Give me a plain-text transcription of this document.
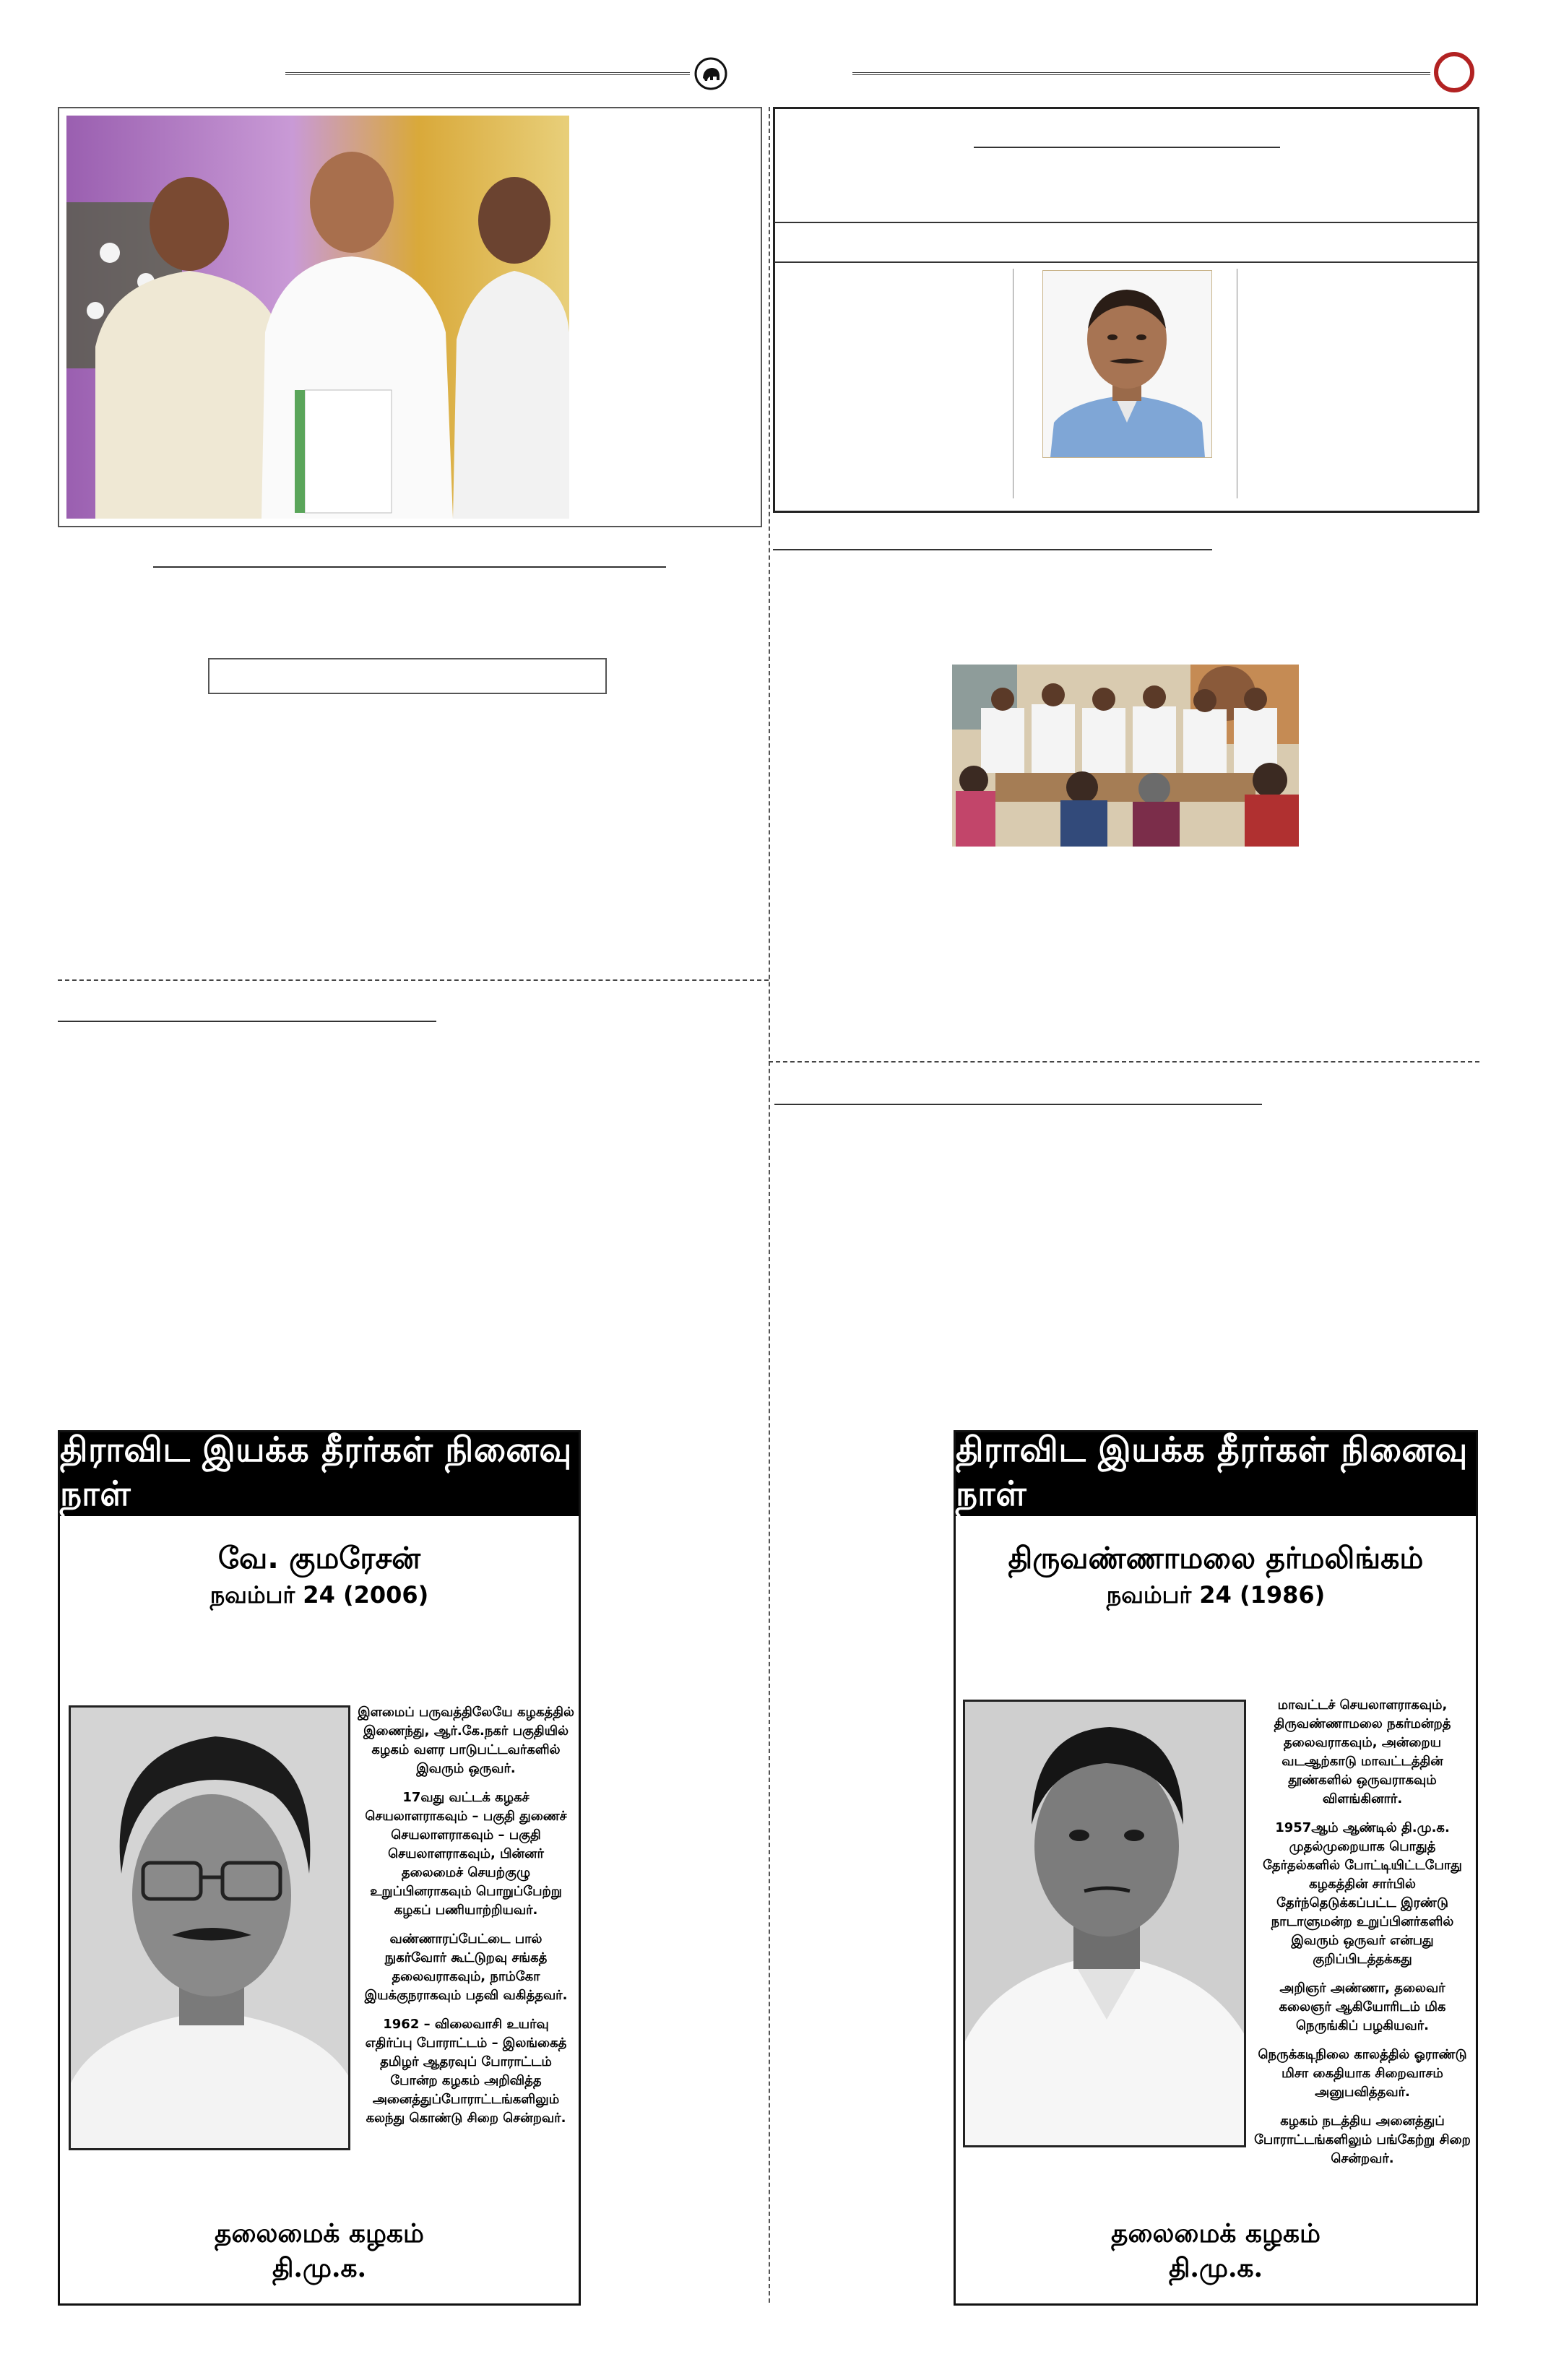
திராவிட இயக்க தீரர்கள் நினைவு நாள்
வே. குமரேசன்
நவம்பர் 24 (2006)

இளமைப் பருவத்திலேயே கழகத்தில் இணைந்து, ஆர்.கே.நகர் பகுதியில் கழகம் வளர பாடுபட்டவர்களில் இவரும் ஒருவர்.

17வது வட்டக் கழகச் செயலாளராகவும் – பகுதி துணைச் செயலாளராகவும் – பகுதி செயலாளராகவும், பின்னர் தலைமைச் செயற்குழு உறுப்பினராகவும் பொறுப்பேற்று கழகப் பணியாற்றியவர்.

வண்ணாரப்பேட்டை பால் நுகர்வோர் கூட்டுறவு சங்கத் தலைவராகவும், நாம்கோ இயக்குநராகவும் பதவி வகித்தவர்.

1962 – விலைவாசி உயர்வு எதிர்ப்பு போராட்டம் – இலங்கைத் தமிழர் ஆதரவுப் போராட்டம் போன்ற கழகம் அறிவித்த அனைத்துப்போராட்டங்களிலும் கலந்து கொண்டு சிறை சென்றவர்.

தலைமைக் கழகம்
தி.மு.க.
திராவிட இயக்க தீரர்கள் நினைவு நாள்
திருவண்ணாமலை தர்மலிங்கம்
நவம்பர் 24 (1986)

மாவட்டச் செயலாளராகவும், திருவண்ணாமலை நகர்மன்றத் தலைவராகவும், அன்றைய வடஆற்காடு மாவட்டத்தின் தூண்களில் ஒருவராகவும் விளங்கினார்.

1957ஆம் ஆண்டில் தி.மு.க. முதல்முறையாக பொதுத் தேர்தல்களில் போட்டியிட்டபோது கழகத்தின் சார்பில் தேர்ந்தெடுக்கப்பட்ட இரண்டு நாடாளுமன்ற உறுப்பினர்களில் இவரும் ஒருவர் என்பது குறிப்பிடத்தக்கது

அறிஞர் அண்ணா, தலைவர் கலைஞர் ஆகியோரிடம் மிக நெருங்கிப் பழகியவர்.

நெருக்கடிநிலை காலத்தில் ஓராண்டு மிசா கைதியாக சிறைவாசம் அனுபவித்தவர்.

கழகம் நடத்திய அனைத்துப் போராட்டங்களிலும் பங்கேற்று சிறை சென்றவர்.

தலைமைக் கழகம்
தி.மு.க.
